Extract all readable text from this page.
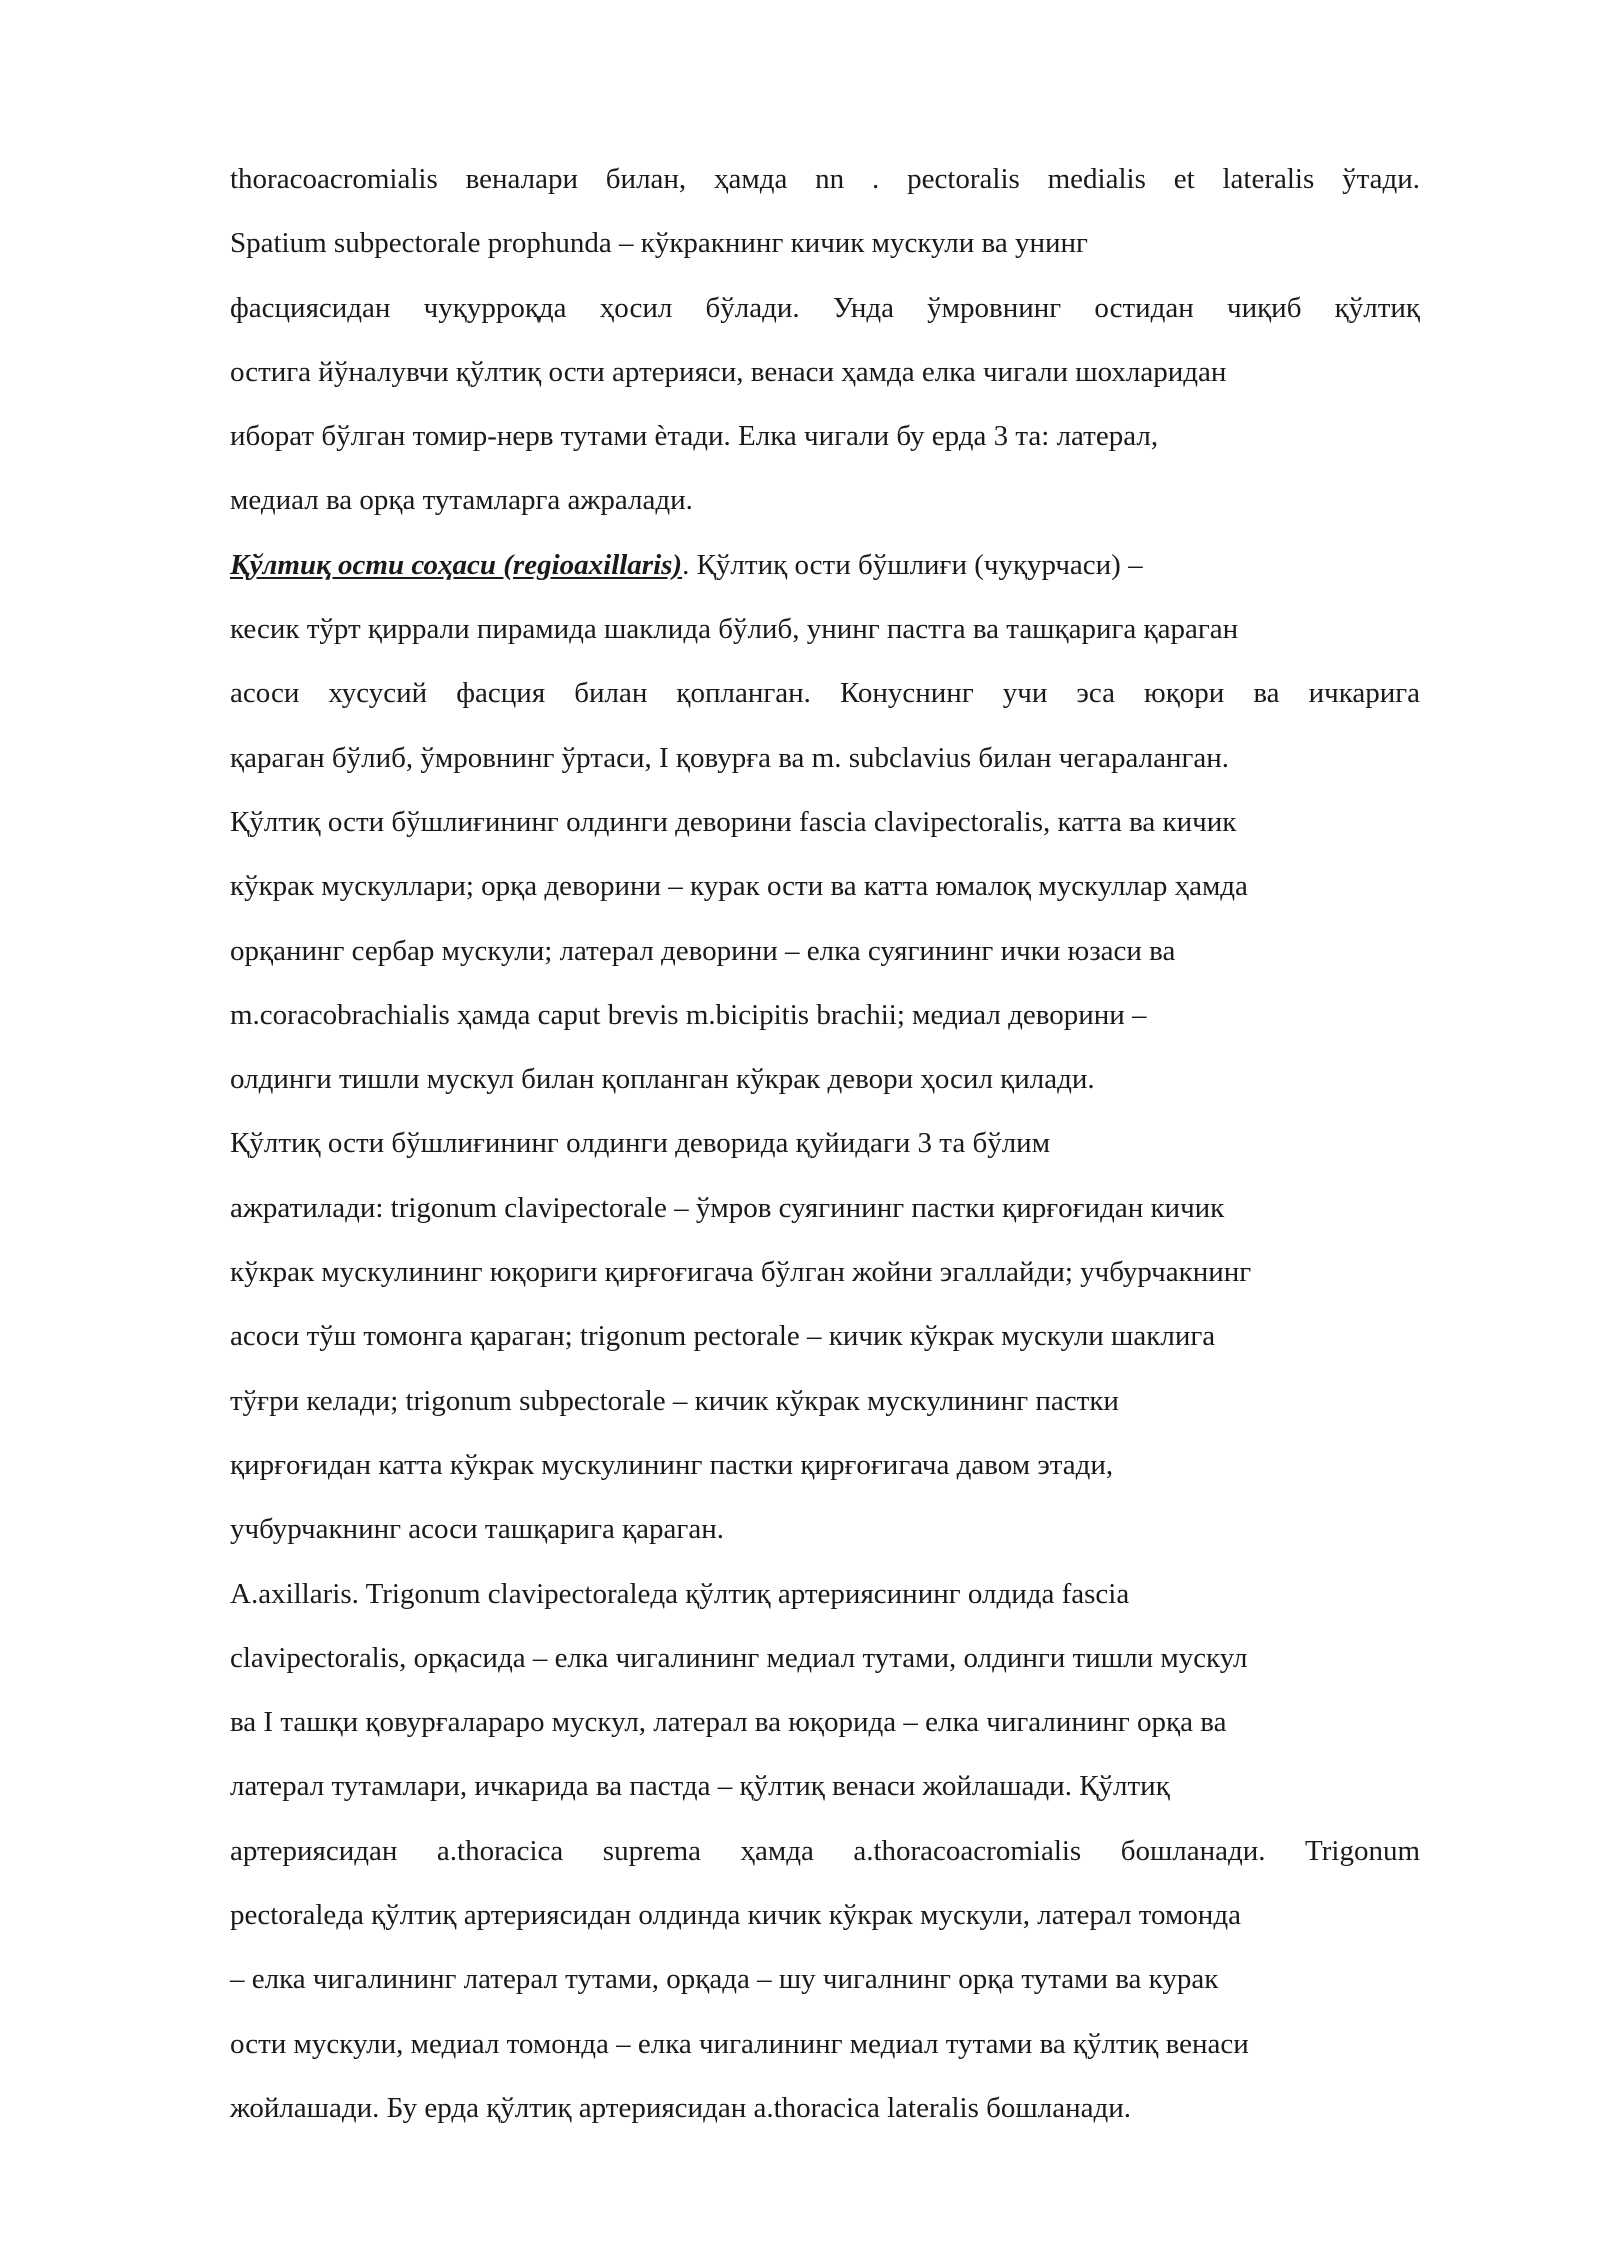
thoracoacromialis веналари билан, ҳамда nn . pectoralis medialis et lateralis ўтади.
Spatium subpectorale prophunda – кўкракнинг кичик мускули ва унинг
фасциясидан чуқурроқда ҳосил бўлади. Унда ўмровнинг остидан чиқиб қўлтиқ
остига йўналувчи қўлтиқ ости артерияси, венаси ҳамда елка чигали шохларидан
иборат бўлган томир-нерв тутами ѐтади. Елка чигали бу ерда 3 та: латерал,
медиал ва орқа тутамларга ажралади.
Қўлтиқ ости соҳаси (regioaxillaris). Қўлтиқ ости бўшлиғи (чуқурчаси) –
кесик тўрт қиррали пирамида шаклида бўлиб, унинг пастга ва ташқарига қараган
асоси хусусий фасция билан қопланган. Конуснинг учи эса юқори ва ичкарига
қараган бўлиб, ўмровнинг ўртаси, I қовурға ва m. subclavius билан чегараланган.
Қўлтиқ ости бўшлиғининг олдинги деворини fascia clavipectoralis, катта ва кичик
кўкрак мускуллари; орқа деворини – курак ости ва катта юмалоқ мускуллар ҳамда
орқанинг сербар мускули; латерал деворини – елка суягининг ички юзаси ва
m.coracobrachialis ҳамда caput brevis m.bicipitis brachii; медиал деворини –
олдинги тишли мускул билан қопланган кўкрак девори ҳосил қилади.
Қўлтиқ ости бўшлиғининг олдинги деворида қуйидаги 3 та бўлим
ажратилади: trigonum clavipectorale – ўмров суягининг пастки қирғоғидан кичик
кўкрак мускулининг юқориги қирғоғигача бўлган жойни эгаллайди; учбурчакнинг
асоси тўш томонга қараган; trigonum pectorale – кичик кўкрак мускули шаклига
тўғри келади; trigonum subpectorale – кичик кўкрак мускулининг пастки
қирғоғидан катта кўкрак мускулининг пастки қирғоғигача давом этади,
учбурчакнинг асоси ташқарига қараган.
A.axillaris. Trigonum clavipectoraleда қўлтиқ артериясининг олдида fascia
clavipectoralis, орқасида – елка чигалининг медиал тутами, олдинги тишли мускул
ва I ташқи қовурғалараро мускул, латерал ва юқорида – елка чигалининг орқа ва
латерал тутамлари, ичкарида ва пастда – қўлтиқ венаси жойлашади. Қўлтиқ
артериясидан a.thoracica suprema ҳамда a.thoracoacromialis бошланади. Trigonum
pectoraleда қўлтиқ артериясидан олдинда кичик кўкрак мускули, латерал томонда
– елка чигалининг латерал тутами, орқада – шу чигалнинг орқа тутами ва курак
ости мускули, медиал томонда – елка чигалининг медиал тутами ва қўлтиқ венаси
жойлашади. Бу ерда қўлтиқ артериясидан a.thoracica lateralis бошланади.
